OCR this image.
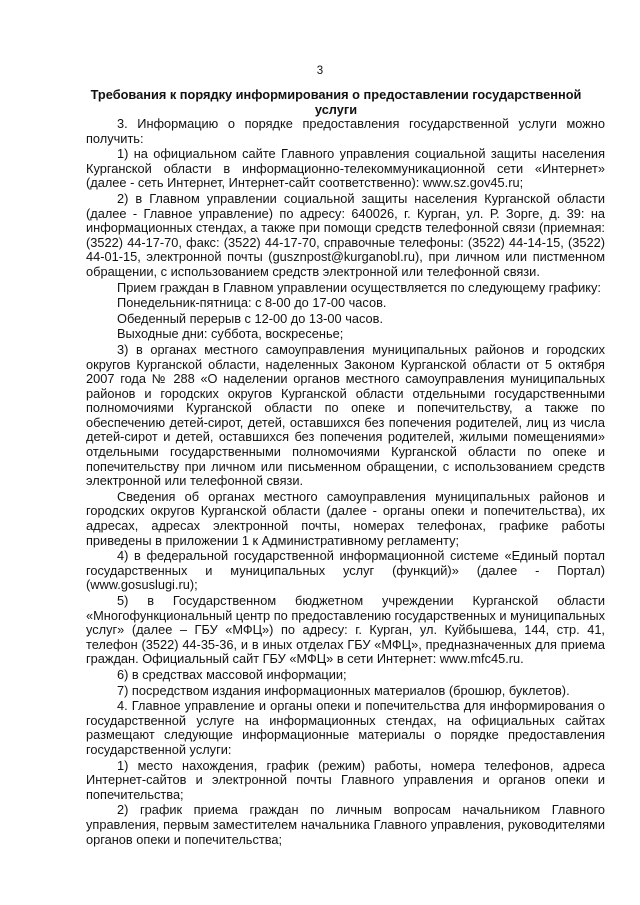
3
Требования к порядку информирования о предоставлении государственной услуги

3. Информацию о порядке предоставления государственной услуги можно получить:

1) на официальном сайте Главного управления социальной защиты населения Курганской области в информационно-телекоммуникационной сети «Интернет» (далее - сеть Интернет, Интернет-сайт соответственно): www.sz.gov45.ru;

2) в Главном управлении социальной защиты населения Курганской области (далее - Главное управление) по адресу: 640026, г. Курган, ул. Р. Зорге, д. 39: на информационных стендах, а также при помощи средств телефонной связи (приемная: (3522) 44-17-70, факс: (3522) 44-17-70, справочные телефоны: (3522) 44-14-15, (3522) 44-01-15, электронной почты (gusznpost@kurganobl.ru), при личном или пистменном обращении, с использованием средств электронной или телефонной связи.

Прием граждан в Главном управлении осуществляется по следующему графику:

Понедельник-пятница: с 8-00 до 17-00 часов.

Обеденный перерыв с 12-00 до 13-00 часов.

Выходные дни: суббота, воскресенье;

3) в органах местного самоуправления муниципальных районов и городских округов Курганской области, наделенных Законом Курганской области от 5 октября 2007 года № 288 «О наделении органов местного самоуправления муниципальных районов и городских округов Курганской области отдельными государственными полномочиями Курганской области по опеке и попечительству, а также по обеспечению детей-сирот, детей, оставшихся без попечения родителей, лиц из числа детей-сирот и детей, оставшихся без попечения родителей, жилыми помещениями» отдельными государственными полномочиями Курганской области по опеке и попечительству при личном или письменном обращении, с использованием средств электронной или телефонной связи.

Сведения об органах местного самоуправления муниципальных районов и городских округов Курганской области (далее - органы опеки и попечительства), их адресах, адресах электронной почты, номерах телефонах, графике работы приведены в приложении 1 к Административному регламенту;

4) в федеральной государственной информационной системе «Единый портал государственных и муниципальных услуг (функций)» (далее - Портал) (www.gosuslugi.ru);

5) в Государственном бюджетном учреждении Курганской области «Многофункциональный центр по предоставлению государственных и муниципальных услуг» (далее – ГБУ «МФЦ») по адресу: г. Курган, ул. Куйбышева, 144, стр. 41, телефон (3522) 44-35-36, и в иных отделах ГБУ «МФЦ», предназначенных для приема граждан. Официальный сайт ГБУ «МФЦ» в сети Интернет: www.mfc45.ru.

6) в средствах массовой информации;

7) посредством издания информационных материалов (брошюр, буклетов).

4. Главное управление и органы опеки и попечительства для информирования о государственной услуге на информационных стендах, на официальных сайтах размещают следующие информационные материалы о порядке предоставления государственной услуги:

1) место нахождения, график (режим) работы, номера телефонов, адреса Интернет-сайтов и электронной почты Главного управления и органов опеки и попечительства;

2) график приема граждан по личным вопросам начальником Главного управления, первым заместителем начальника Главного управления, руководителями органов опеки и попечительства;
